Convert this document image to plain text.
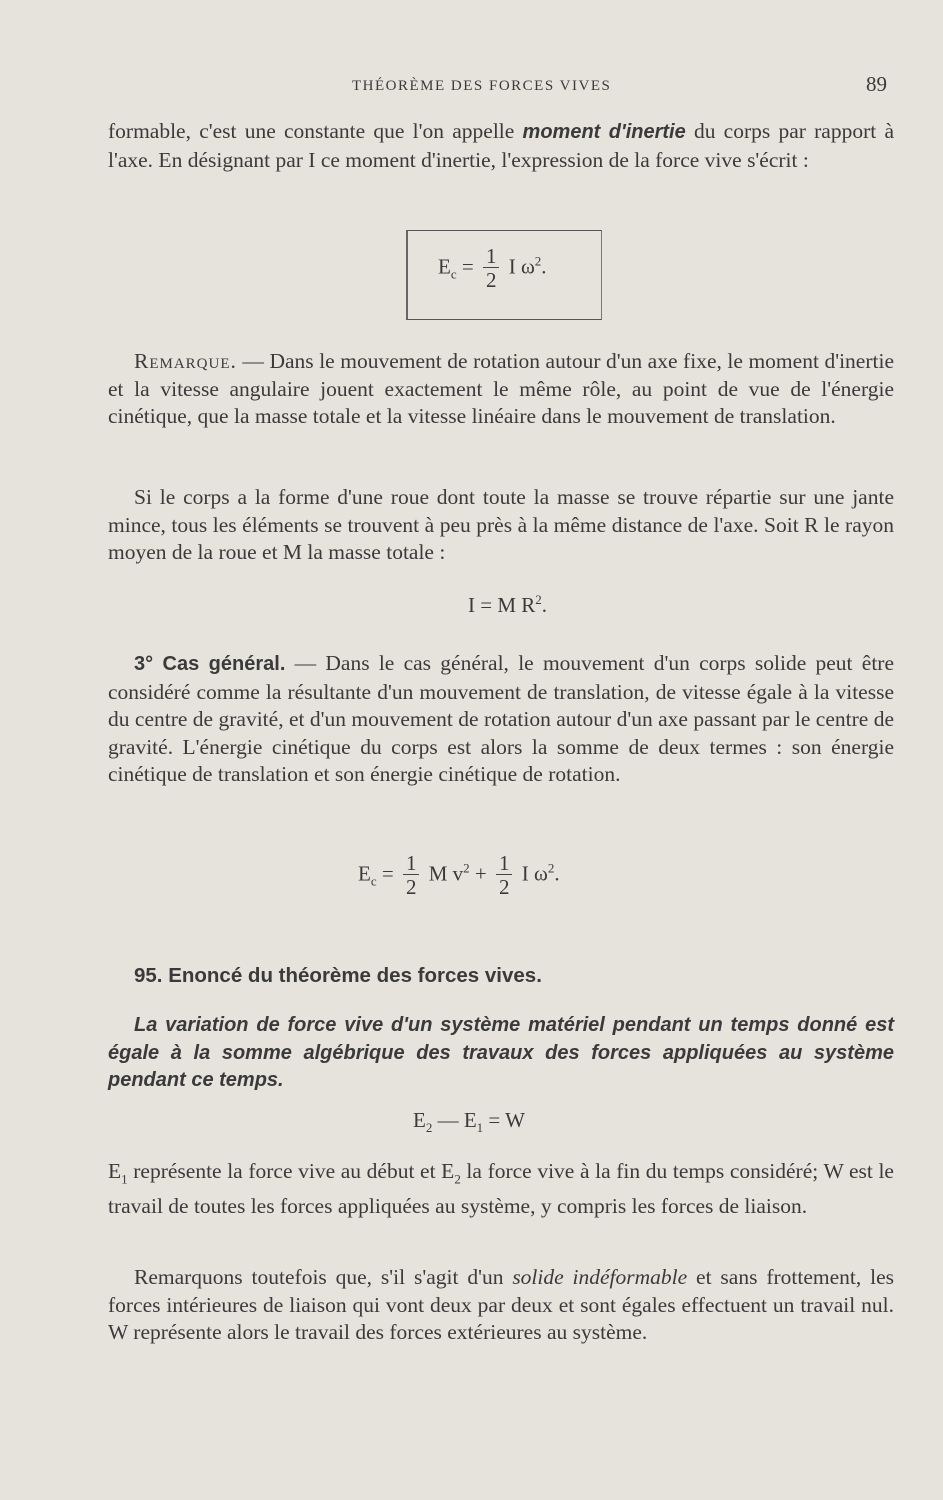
THÉORÈME DES FORCES VIVES	89

formable, c'est une constante que l'on appelle moment d'inertie du corps par rapport à l'axe. En désignant par I ce moment d'inertie, l'expression de la force vive s'écrit :

$E_c = \frac{1}{2}$ I $\omega^2$.

Remarque. — Dans le mouvement de rotation autour d'un axe fixe, le moment d'inertie et la vitesse angulaire jouent exactement le même rôle, au point de vue de l'énergie cinétique, que la masse totale et la vitesse linéaire dans le mouvement de translation.

Si le corps a la forme d'une roue dont toute la masse se trouve répartie sur une jante mince, tous les éléments se trouvent à peu près à la même distance de l'axe. Soit R le rayon moyen de la roue et M la masse totale :

I = M $R^2$.

3° Cas général. — Dans le cas général, le mouvement d'un corps solide peut être considéré comme la résultante d'un mouvement de translation, de vitesse égale à la vitesse du centre de gravité, et d'un mouvement de rotation autour d'un axe passant par le centre de gravité. L'énergie cinétique du corps est alors la somme de deux termes : son énergie cinétique de translation et son énergie cinétique de rotation.

$E_c = \frac{1}{2}$ M $v^2 + \frac{1}{2}$ I $\omega^2$.
95. Enoncé du théorème des forces vives.

La variation de force vive d'un système matériel pendant un temps donné est égale à la somme algébrique des travaux des forces appliquées au système pendant ce temps.

$E_2$ — $E_1 = W$

$E_1$ représente la force vive au début et $E_2$ la force vive à la fin du temps considéré; W est le travail de toutes les forces appliquées au système, y compris les forces de liaison.

Remarquons toutefois que, s'il s'agit d'un solide indéformable et sans frottement, les forces intérieures de liaison qui vont deux par deux et sont égales effectuent un travail nul. W représente alors le travail des forces extérieures au système.
